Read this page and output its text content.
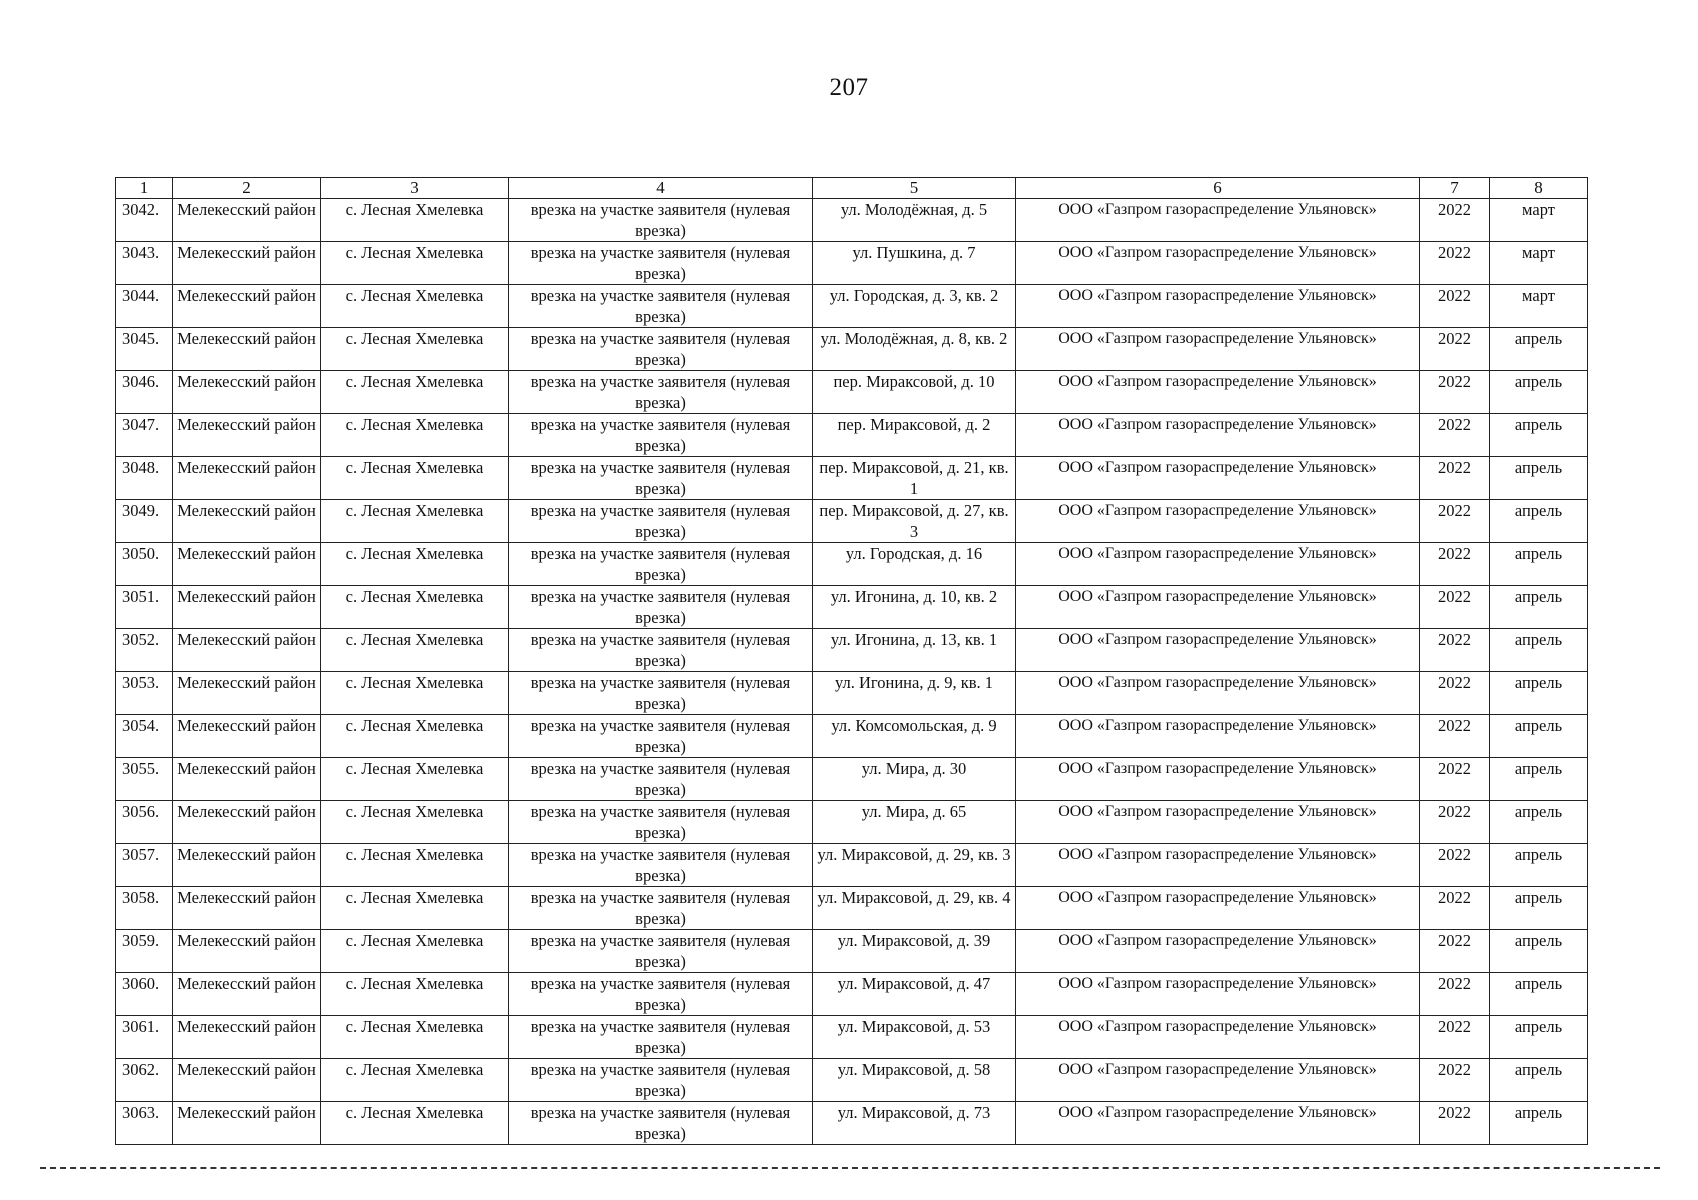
207
1	2	3	4	5	6	7	8
3042.	Мелекесский район	с. Лесная Хмелевка	врезка на участке заявителя (нулевая врезка)	ул. Молодёжная, д. 5	ООО «Газпром газораспределение Ульяновск»	2022	март
3043.	Мелекесский район	с. Лесная Хмелевка	врезка на участке заявителя (нулевая врезка)	ул. Пушкина, д. 7	ООО «Газпром газораспределение Ульяновск»	2022	март
3044.	Мелекесский район	с. Лесная Хмелевка	врезка на участке заявителя (нулевая врезка)	ул. Городская, д. 3, кв. 2	ООО «Газпром газораспределение Ульяновск»	2022	март
3045.	Мелекесский район	с. Лесная Хмелевка	врезка на участке заявителя (нулевая врезка)	ул. Молодёжная, д. 8, кв. 2	ООО «Газпром газораспределение Ульяновск»	2022	апрель
3046.	Мелекесский район	с. Лесная Хмелевка	врезка на участке заявителя (нулевая врезка)	пер. Мираксовой, д. 10	ООО «Газпром газораспределение Ульяновск»	2022	апрель
3047.	Мелекесский район	с. Лесная Хмелевка	врезка на участке заявителя (нулевая врезка)	пер. Мираксовой, д. 2	ООО «Газпром газораспределение Ульяновск»	2022	апрель
3048.	Мелекесский район	с. Лесная Хмелевка	врезка на участке заявителя (нулевая врезка)	пер. Мираксовой, д. 21, кв. 1	ООО «Газпром газораспределение Ульяновск»	2022	апрель
3049.	Мелекесский район	с. Лесная Хмелевка	врезка на участке заявителя (нулевая врезка)	пер. Мираксовой, д. 27, кв. 3	ООО «Газпром газораспределение Ульяновск»	2022	апрель
3050.	Мелекесский район	с. Лесная Хмелевка	врезка на участке заявителя (нулевая врезка)	ул. Городская, д. 16	ООО «Газпром газораспределение Ульяновск»	2022	апрель
3051.	Мелекесский район	с. Лесная Хмелевка	врезка на участке заявителя (нулевая врезка)	ул. Игонина, д. 10, кв. 2	ООО «Газпром газораспределение Ульяновск»	2022	апрель
3052.	Мелекесский район	с. Лесная Хмелевка	врезка на участке заявителя (нулевая врезка)	ул. Игонина, д. 13, кв. 1	ООО «Газпром газораспределение Ульяновск»	2022	апрель
3053.	Мелекесский район	с. Лесная Хмелевка	врезка на участке заявителя (нулевая врезка)	ул. Игонина, д. 9, кв. 1	ООО «Газпром газораспределение Ульяновск»	2022	апрель
3054.	Мелекесский район	с. Лесная Хмелевка	врезка на участке заявителя (нулевая врезка)	ул. Комсомольская, д. 9	ООО «Газпром газораспределение Ульяновск»	2022	апрель
3055.	Мелекесский район	с. Лесная Хмелевка	врезка на участке заявителя (нулевая врезка)	ул. Мира, д. 30	ООО «Газпром газораспределение Ульяновск»	2022	апрель
3056.	Мелекесский район	с. Лесная Хмелевка	врезка на участке заявителя (нулевая врезка)	ул. Мира, д. 65	ООО «Газпром газораспределение Ульяновск»	2022	апрель
3057.	Мелекесский район	с. Лесная Хмелевка	врезка на участке заявителя (нулевая врезка)	ул. Мираксовой, д. 29, кв. 3	ООО «Газпром газораспределение Ульяновск»	2022	апрель
3058.	Мелекесский район	с. Лесная Хмелевка	врезка на участке заявителя (нулевая врезка)	ул. Мираксовой, д. 29, кв. 4	ООО «Газпром газораспределение Ульяновск»	2022	апрель
3059.	Мелекесский район	с. Лесная Хмелевка	врезка на участке заявителя (нулевая врезка)	ул. Мираксовой, д. 39	ООО «Газпром газораспределение Ульяновск»	2022	апрель
3060.	Мелекесский район	с. Лесная Хмелевка	врезка на участке заявителя (нулевая врезка)	ул. Мираксовой, д. 47	ООО «Газпром газораспределение Ульяновск»	2022	апрель
3061.	Мелекесский район	с. Лесная Хмелевка	врезка на участке заявителя (нулевая врезка)	ул. Мираксовой, д. 53	ООО «Газпром газораспределение Ульяновск»	2022	апрель
3062.	Мелекесский район	с. Лесная Хмелевка	врезка на участке заявителя (нулевая врезка)	ул. Мираксовой, д. 58	ООО «Газпром газораспределение Ульяновск»	2022	апрель
3063.	Мелекесский район	с. Лесная Хмелевка	врезка на участке заявителя (нулевая врезка)	ул. Мираксовой, д. 73	ООО «Газпром газораспределение Ульяновск»	2022	апрель
